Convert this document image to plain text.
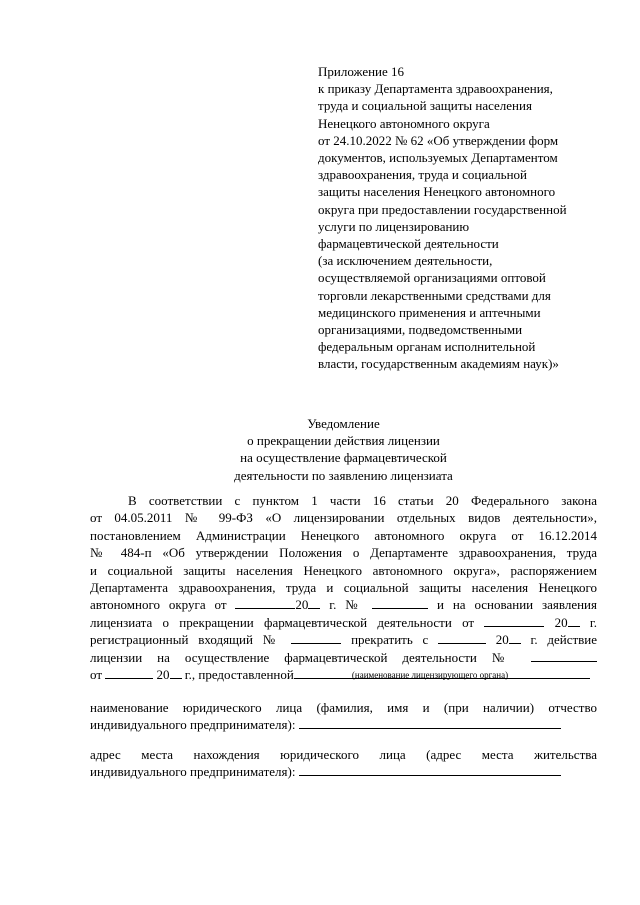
Приложение 16
к приказу Департамента здравоохранения,
труда и социальной защиты населения
Ненецкого автономного округа
от 24.10.2022 № 62 «Об утверждении форм
документов, используемых Департаментом
здравоохранения, труда и социальной
защиты населения Ненецкого автономного
округа при предоставлении государственной
услуги по лицензированию
фармацевтической деятельности
(за исключением деятельности,
осуществляемой организациями оптовой
торговли лекарственными средствами для
медицинского применения и аптечными
организациями, подведомственными
федеральным органам исполнительной
власти, государственным академиям наук)»
Уведомление
о прекращении действия лицензии
на осуществление фармацевтической
деятельности по заявлению лицензиата
В соответствии с пунктом 1 части 16 статьи 20 Федерального закона
от 04.05.2011 № 99-ФЗ «О лицензировании отдельных видов деятельности»,
постановлением Администрации Ненецкого автономного округа от 16.12.2014
№ 484-п «Об утверждении Положения о Департаменте здравоохранения, труда
и социальной защиты населения Ненецкого автономного округа», распоряжением
Департамента здравоохранения, труда и социальной защиты населения Ненецкого
автономного округа от	20 г. №	и на основании заявления
лицензиата о прекращении фармацевтической деятельности от	20 г.
регистрационный входящий №	прекратить с	20 г. действие
лицензии на осуществление фармацевтической деятельности №
от	20 г., предоставленной	(наименование лицензирующего органа)
наименование юридического лица (фамилия, имя и (при наличии) отчество
индивидуального предпринимателя):
адрес места нахождения юридического лица (адрес места жительства
индивидуального предпринимателя):
